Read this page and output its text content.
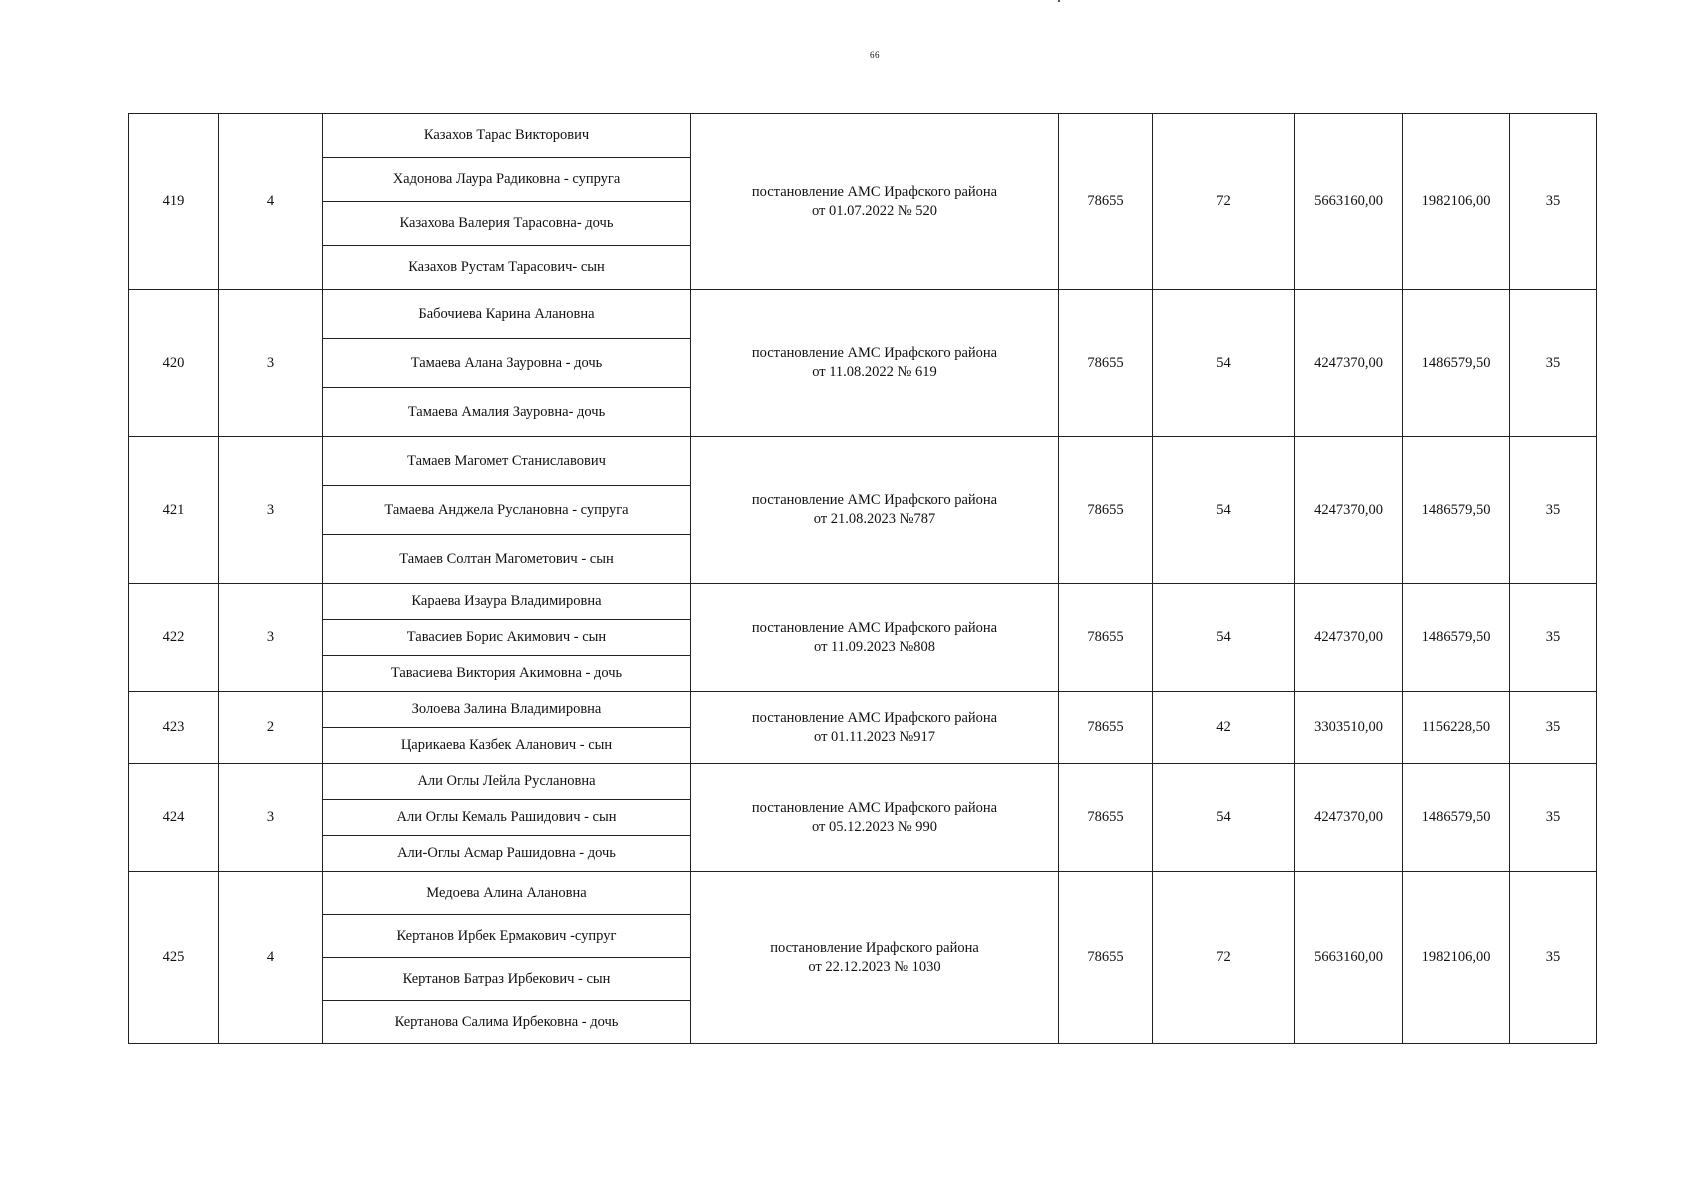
66
419	4	Казахов Тарас Викторович	постановление АМС Ирафского района
от 01.07.2022 № 520	78655	72	5663160,00	1982106,00	35
		Хадонова Лаура Радиковна - супруга						
		Казахова Валерия Тарасовна- дочь						
		Казахов Рустам Тарасович- сын						
420	3	Бабочиева Карина Алановна	постановление АМС Ирафского района
от 11.08.2022 № 619	78655	54	4247370,00	1486579,50	35
		Тамаева Алана Зауровна - дочь						
		Тамаева Амалия Зауровна- дочь						
421	3	Тамаев Магомет Станиславович	постановление АМС Ирафского района
от 21.08.2023 №787	78655	54	4247370,00	1486579,50	35
		Тамаева Анджела Руслановна - супруга						
		Тамаев Солтан Магометович - сын						
422	3	Караева Изаура Владимировна	постановление АМС Ирафского района
от 11.09.2023 №808	78655	54	4247370,00	1486579,50	35
		Тавасиев Борис Акимович - сын						
		Тавасиева Виктория Акимовна - дочь						
423	2	Золоева Залина Владимировна	постановление АМС Ирафского района
от 01.11.2023 №917	78655	42	3303510,00	1156228,50	35
		Царикаева Казбек Аланович - сын						
424	3	Али Оглы Лейла Руслановна	постановление АМС Ирафского района
от 05.12.2023 № 990	78655	54	4247370,00	1486579,50	35
		Али Оглы Кемаль Рашидович - сын						
		Али-Оглы Асмар Рашидовна - дочь						
425	4	Медоева Алина Алановна	постановление Ирафского района
от 22.12.2023 № 1030	78655	72	5663160,00	1982106,00	35
		Кертанов Ирбек Ермакович -супруг						
		Кертанов Батраз Ирбекович - сын						
		Кертанова Салима Ирбековна - дочь						
